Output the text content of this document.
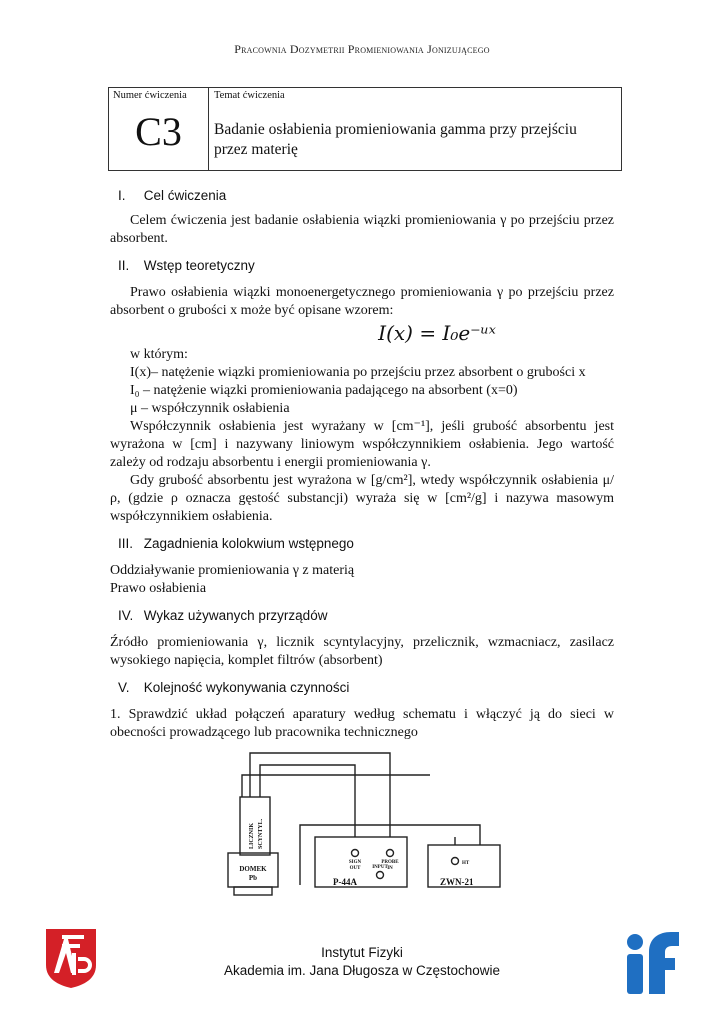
Pracownia Dozymetrii Promieniowania Jonizującego
Numer ćwiczenia
C3
Temat ćwiczenia
Badanie osłabienia promieniowania gamma przy przejściu przez materię
I. Cel ćwiczenia

Celem ćwiczenia jest badanie osłabienia wiązki promieniowania γ po przejściu przez absorbent.

II. Wstęp teoretyczny

Prawo osłabienia wiązki monoenergetycznego promieniowania γ po przejściu przez absorbent o grubości x może być opisane wzorem:

I(x) = I₀e⁻ᵘˣ
w którym:
I(x)– natężenie wiązki promieniowania po przejściu przez absorbent o grubości x
I₀ – natężenie wiązki promieniowania padającego na absorbent (x=0)
μ – współczynnik osłabienia

Współczynnik osłabienia jest wyrażany w [cm⁻¹], jeśli grubość absorbentu jest wyrażona w [cm] i nazywany liniowym współczynnikiem osłabienia. Jego wartość zależy od rodzaju absorbentu i energii promieniowania γ.

Gdy grubość absorbentu jest wyrażona w [g/cm²], wtedy współczynnik osłabienia μ/ρ, (gdzie ρ oznacza gęstość substancji) wyraża się w [cm²/g] i nazywa masowym współczynnikiem osłabienia.

III. Zagadnienia kolokwium wstępnego
Oddziaływanie promieniowania γ z materią
Prawo osłabienia
IV. Wykaz używanych przyrządów

Źródło promieniowania γ, licznik scyntylacyjny, przelicznik, wzmacniacz, zasilacz wysokiego napięcia, komplet filtrów (absorbent)

V. Kolejność wykonywania czynności

1. Sprawdzić układ połączeń aparatury według schematu i włączyć ją do sieci w obecności prowadzącego lub pracownika technicznego

LICZNIK SCYNTYL.
DOMEK
Pb
SIGN
OUT
PROBE
IN
INPUT
P-44A
HT
ZWN-21
Instytut Fizyki
Akademia im. Jana Długosza w Częstochowie
